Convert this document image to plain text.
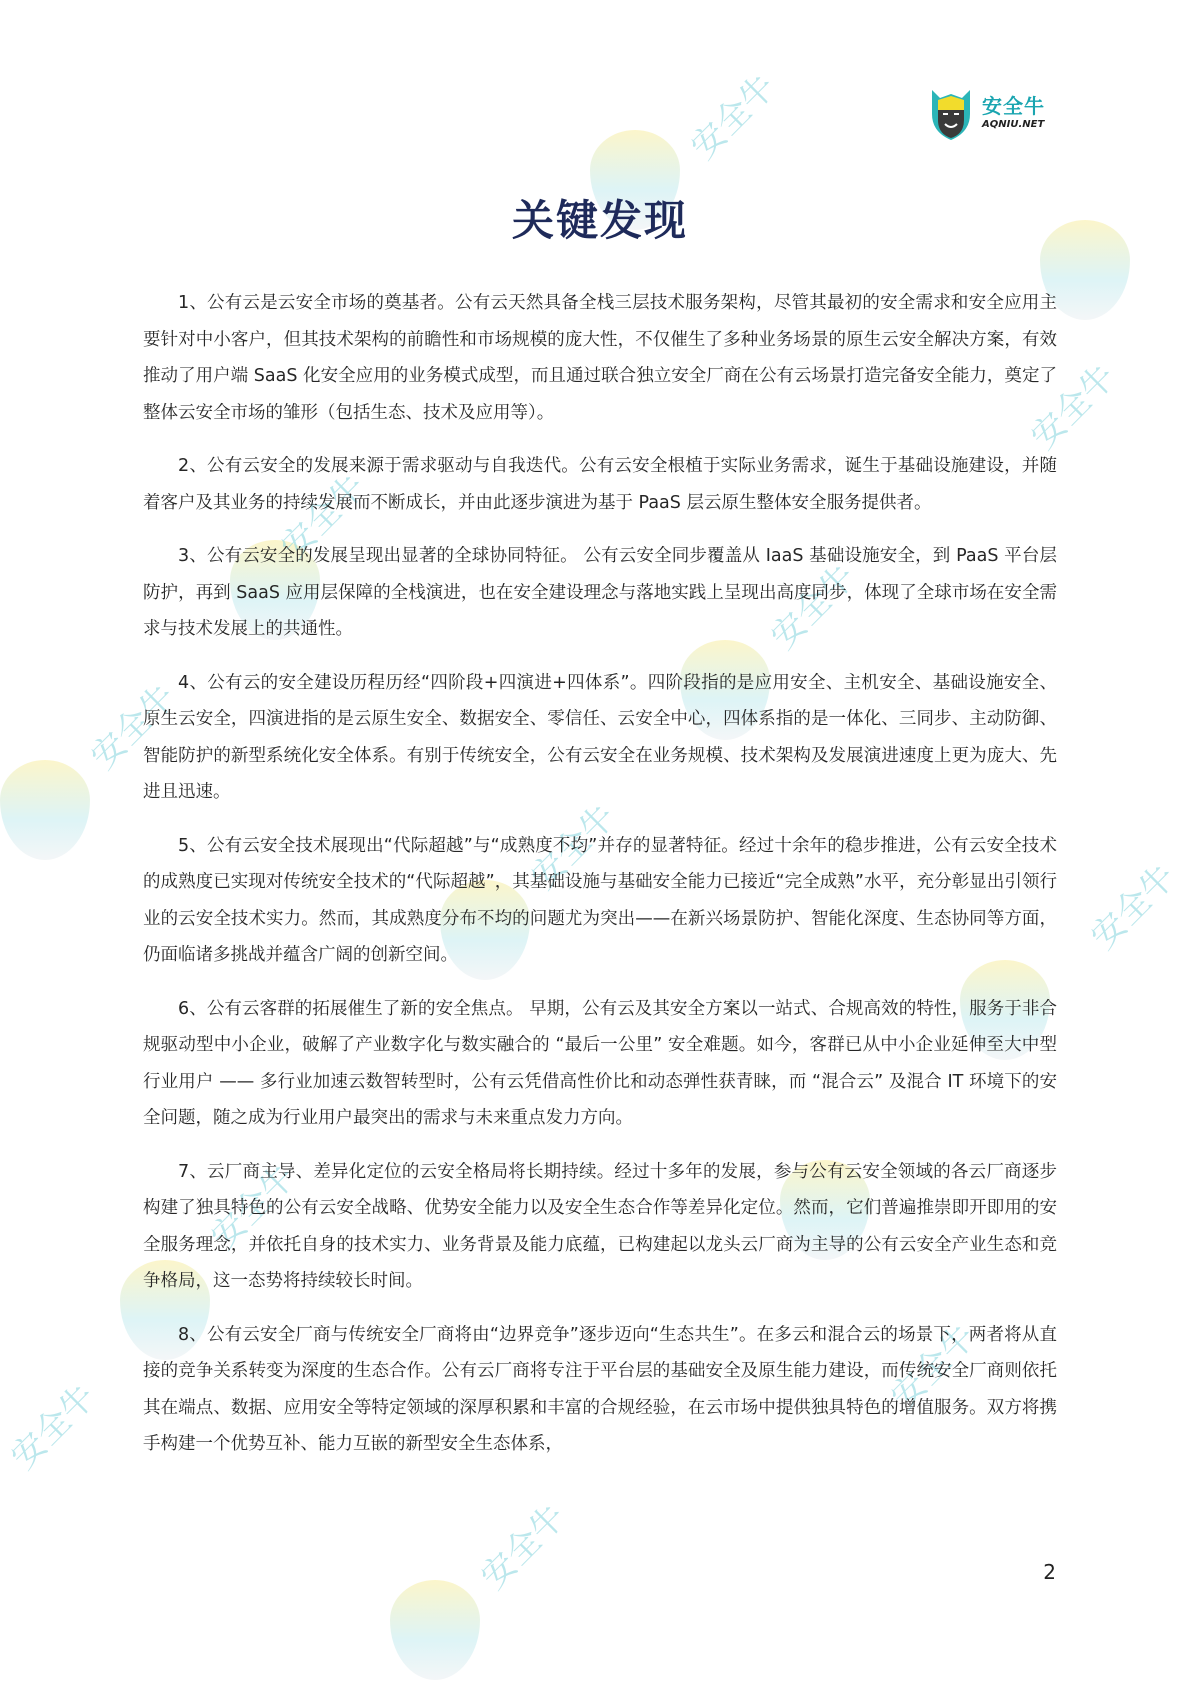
安全牛
安全牛
安全牛
安全牛
安全牛
安全牛
安全牛
安全牛
安全牛
安全牛
安全牛
安全牛
AQNIU.NET
关键发现

1、公有云是云安全市场的奠基者。公有云天然具备全栈三层技术服务架构，尽管其最初的安全需求和安全应用主要针对中小客户，但其技术架构的前瞻性和市场规模的庞大性，不仅催生了多种业务场景的原生云安全解决方案，有效推动了用户端 SaaS 化安全应用的业务模式成型，而且通过联合独立安全厂商在公有云场景打造完备安全能力，奠定了整体云安全市场的雏形（包括生态、技术及应用等）。

2、公有云安全的发展来源于需求驱动与自我迭代。公有云安全根植于实际业务需求，诞生于基础设施建设，并随着客户及其业务的持续发展而不断成长，并由此逐步演进为基于 PaaS 层云原生整体安全服务提供者。

3、公有云安全的发展呈现出显著的全球协同特征。 公有云安全同步覆盖从 IaaS 基础设施安全，到 PaaS 平台层防护，再到 SaaS 应用层保障的全栈演进，也在安全建设理念与落地实践上呈现出高度同步，体现了全球市场在安全需求与技术发展上的共通性。

4、公有云的安全建设历程历经“四阶段+四演进+四体系”。四阶段指的是应用安全、主机安全、基础设施安全、原生云安全，四演进指的是云原生安全、数据安全、零信任、云安全中心，四体系指的是一体化、三同步、主动防御、智能防护的新型系统化安全体系。有别于传统安全，公有云安全在业务规模、技术架构及发展演进速度上更为庞大、先进且迅速。

5、公有云安全技术展现出“代际超越”与“成熟度不均”并存的显著特征。经过十余年的稳步推进，公有云安全技术的成熟度已实现对传统安全技术的“代际超越”，其基础设施与基础安全能力已接近“完全成熟”水平，充分彰显出引领行业的云安全技术实力。然而，其成熟度分布不均的问题尤为突出——在新兴场景防护、智能化深度、生态协同等方面，仍面临诸多挑战并蕴含广阔的创新空间。

6、公有云客群的拓展催生了新的安全焦点。 早期，公有云及其安全方案以一站式、合规高效的特性，服务于非合规驱动型中小企业，破解了产业数字化与数实融合的 “最后一公里” 安全难题。如今，客群已从中小企业延伸至大中型行业用户 —— 多行业加速云数智转型时，公有云凭借高性价比和动态弹性获青睐，而 “混合云” 及混合 IT 环境下的安全问题，随之成为行业用户最突出的需求与未来重点发力方向。

7、云厂商主导、差异化定位的云安全格局将长期持续。经过十多年的发展，参与公有云安全领域的各云厂商逐步构建了独具特色的公有云安全战略、优势安全能力以及安全生态合作等差异化定位。然而，它们普遍推崇即开即用的安全服务理念，并依托自身的技术实力、业务背景及能力底蕴，已构建起以龙头云厂商为主导的公有云安全产业生态和竞争格局，这一态势将持续较长时间。

8、公有云安全厂商与传统安全厂商将由“边界竞争”逐步迈向“生态共生”。在多云和混合云的场景下，两者将从直接的竞争关系转变为深度的生态合作。公有云厂商将专注于平台层的基础安全及原生能力建设，而传统安全厂商则依托其在端点、数据、应用安全等特定领域的深厚积累和丰富的合规经验，在云市场中提供独具特色的增值服务。双方将携手构建一个优势互补、能力互嵌的新型安全生态体系，

2
